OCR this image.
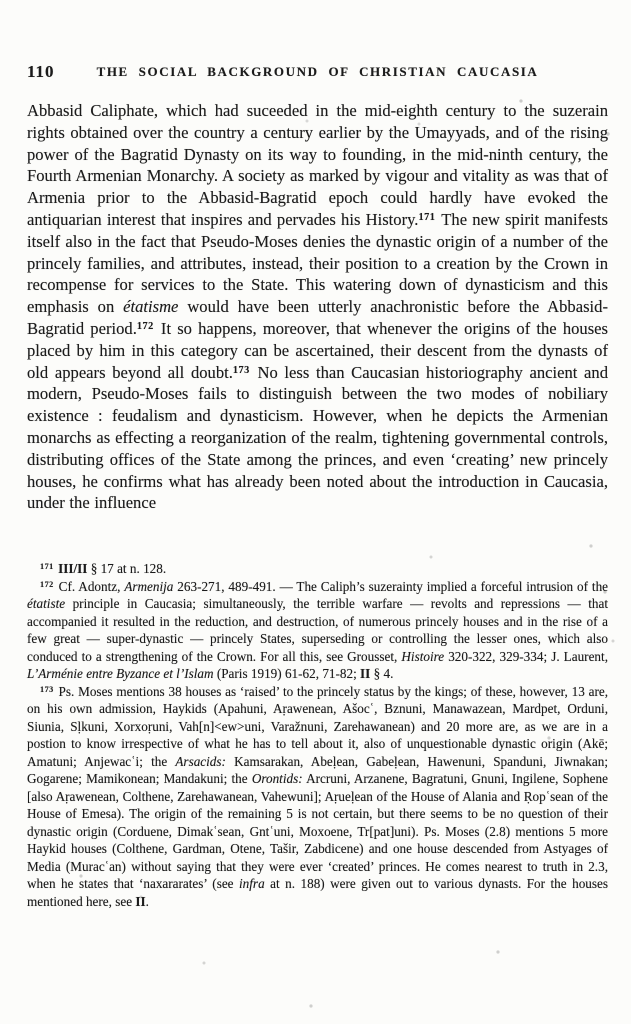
110	THE SOCIAL BACKGROUND OF CHRISTIAN CAUCASIA

Abbasid Caliphate, which had suceeded in the mid-eighth century to the suzerain rights obtained over the country a century earlier by the Umayyads, and of the rising power of the Bagratid Dynasty on its way to founding, in the mid-ninth century, the Fourth Armenian Monarchy. A society as marked by vigour and vitality as was that of Armenia prior to the Abbasid-Bagratid epoch could hardly have evoked the antiquarian interest that inspires and pervades his History.$^{171}$ The new spirit manifests itself also in the fact that Pseudo-Moses denies the dynastic origin of a number of the princely families, and attributes, instead, their position to a creation by the Crown in recompense for services to the State. This watering down of dynasticism and this emphasis on étatisme would have been utterly anachronistic before the Abbasid-Bagratid period.$^{172}$ It so happens, moreover, that whenever the origins of the houses placed by him in this category can be ascertained, their descent from the dynasts of old appears beyond all doubt.$^{173}$ No less than Caucasian historiography ancient and modern, Pseudo-Moses fails to distinguish between the two modes of nobiliary existence : feudalism and dynasticism. However, when he depicts the Armenian monarchs as effecting a reorganization of the realm, tightening governmental controls, distributing offices of the State among the princes, and even ‘creating’ new princely houses, he confirms what has already been noted about the introduction in Caucasia, under the influence

$^{171}$ III/II § 17 at n. 128.

$^{172}$ Cf. Adontz, Armenija 263-271, 489-491. — The Caliph’s suzerainty implied a forceful intrusion of the étatiste principle in Caucasia; simultaneously, the terrible warfare — revolts and repressions — that accompanied it resulted in the reduction, and destruction, of numerous princely houses and in the rise of a few great — super-dynastic — princely States, superseding or controlling the lesser ones, which also conduced to a strengthening of the Crown. For all this, see Grousset, Histoire 320-322, 329-334; J. Laurent, L’Arménie entre Byzance et l’Islam (Paris 1919) 61-62, 71-82; II § 4.

$^{173}$ Ps. Moses mentions 38 houses as ‘raised’ to the princely status by the kings; of these, however, 13 are, on his own admission, Haykids (Apahuni, Aṛawenean, Ašocʿ, Bznuni, Manawazean, Mardpet, Orduni, Siunia, Sḷkuni, Xorxoṛuni, Vah[n]<ew>uni, Varažnuni, Zarehawanean) and 20 more are, as we are in a postion to know irrespective of what he has to tell about it, also of unquestionable dynastic origin (Akē; Amatuni; Anjewacʿi; the Arsacids: Kamsarakan, Abeḷean, Gabeḷean, Hawenuni, Spanduni, Jiwnakan; Gogarene; Mamikonean; Mandakuni; the Orontids: Arcruni, Arzanene, Bagratuni, Gnuni, Ingilene, Sophene [also Aṛawenean, Colthene, Zarehawanean, Vahewuni]; Aṛueḷean of the House of Alania and Ṛopʿsean of the House of Emesa). The origin of the remaining 5 is not certain, but there seems to be no question of their dynastic origin (Corduene, Dimakʿsean, Gntʿuni, Moxoene, Tr[pat]uni). Ps. Moses (2.8) mentions 5 more Haykid houses (Colthene, Gardman, Otene, Tašir, Zabdicene) and one house descended from Astyages of Media (Muracʿan) without saying that they were ever ‘created’ princes. He comes nearest to truth in 2.3, when he states that ‘naxararates’ (see infra at n. 188) were given out to various dynasts. For the houses mentioned here, see II.
